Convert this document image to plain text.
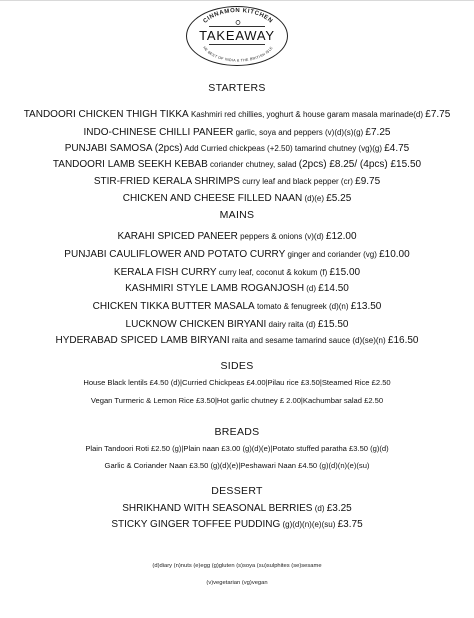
CINNAMON KITCHEN
HE BEST OF INDIA & THE BRITISH ISLE
TAKEAWAY
STARTERS
TANDOORI CHICKEN THIGH TIKKA Kashmiri red chillies, yoghurt & house garam masala marinade(d) £7.75
INDO-CHINESE CHILLI PANEER garlic, soya and peppers (v)(d)(s)(g) £7.25
PUNJABI SAMOSA (2pcs) Add Curried chickpeas (+2.50) tamarind chutney (vg)(g) £4.75
TANDOORI LAMB SEEKH KEBAB coriander chutney, salad (2pcs) £8.25/ (4pcs) £15.50
STIR-FRIED KERALA SHRIMPS curry leaf and black pepper (cr) £9.75
CHICKEN AND CHEESE FILLED NAAN (d)(e) £5.25
MAINS
KARAHI SPICED PANEER peppers & onions (v)(d) £12.00
PUNJABI CAULIFLOWER AND POTATO CURRY ginger and coriander (vg) £10.00
KERALA FISH CURRY curry leaf, coconut & kokum (f) £15.00
KASHMIRI STYLE LAMB ROGANJOSH (d) £14.50
CHICKEN TIKKA BUTTER MASALA tomato & fenugreek (d)(n) £13.50
LUCKNOW CHICKEN BIRYANI dairy raita (d) £15.50
HYDERABAD SPICED LAMB BIRYANI raita and sesame tamarind sauce (d)(se)(n) £16.50
SIDES
House Black lentils £4.50 (d)|Curried Chickpeas £4.00|Pilau rice £3.50|Steamed Rice £2.50
Vegan Turmeric & Lemon Rice £3.50|Hot garlic chutney £ 2.00|Kachumbar salad £2.50
BREADS
Plain Tandoori Roti £2.50 (g)|Plain naan £3.00 (g)(d)(e)|Potato stuffed paratha £3.50 (g)(d)
Garlic & Coriander Naan £3.50 (g)(d)(e)|Peshawari Naan £4.50 (g)(d)(n)(e)(su)
DESSERT
SHRIKHAND WITH SEASONAL BERRIES (d) £3.25
STICKY GINGER TOFFEE PUDDING (g)(d)(n)(e)(su) £3.75
(d)diary (n)nuts (e)egg (g)gluten (s)soya (su)sulphites (se)sesame
(v)vegetarian (vg)vegan
